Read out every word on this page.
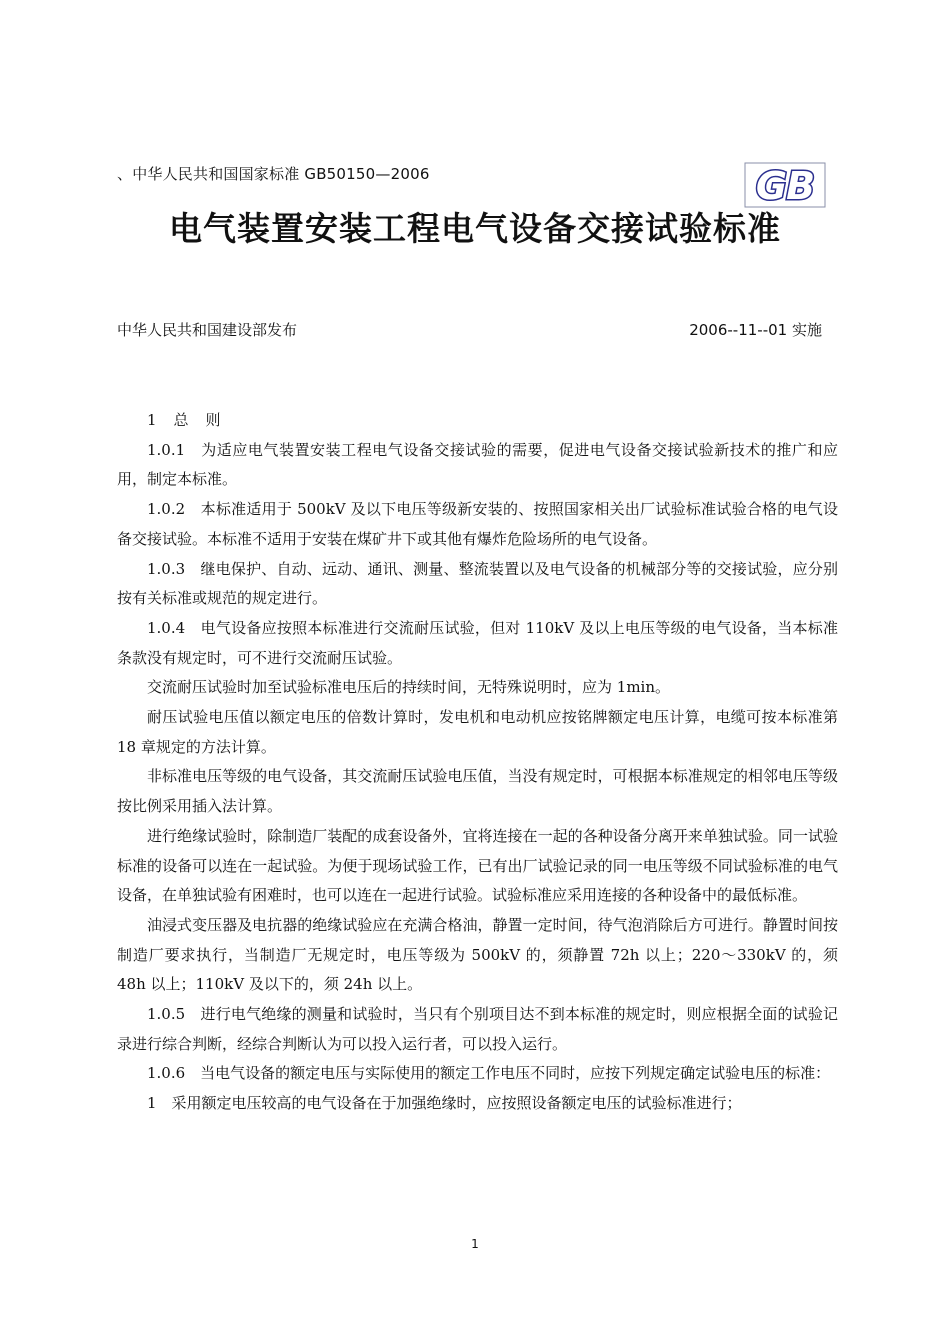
、中华人民共和国国家标准 GB50150—2006	GB
电气装置安装工程电气设备交接试验标准
中华人民共和国建设部发布	2006--11--01 实施

1　总　则

1.0.1　为适应电气装置安装工程电气设备交接试验的需要，促进电气设备交接试验新技术的推广和应用，制定本标准。

1.0.2　本标准适用于 500kV 及以下电压等级新安装的、按照国家相关出厂试验标准试验合格的电气设备交接试验。本标准不适用于安装在煤矿井下或其他有爆炸危险场所的电气设备。

1.0.3　继电保护、自动、远动、通讯、测量、整流装置以及电气设备的机械部分等的交接试验，应分别按有关标准或规范的规定进行。

1.0.4　电气设备应按照本标准进行交流耐压试验，但对 110kV 及以上电压等级的电气设备，当本标准条款没有规定时，可不进行交流耐压试验。

交流耐压试验时加至试验标准电压后的持续时间，无特殊说明时，应为 1min。

耐压试验电压值以额定电压的倍数计算时，发电机和电动机应按铭牌额定电压计算，电缆可按本标准第 18 章规定的方法计算。

非标准电压等级的电气设备，其交流耐压试验电压值，当没有规定时，可根据本标准规定的相邻电压等级按比例采用插入法计算。

进行绝缘试验时，除制造厂装配的成套设备外，宜将连接在一起的各种设备分离开来单独试验。同一试验标准的设备可以连在一起试验。为便于现场试验工作，已有出厂试验记录的同一电压等级不同试验标准的电气设备，在单独试验有困难时，也可以连在一起进行试验。试验标准应采用连接的各种设备中的最低标准。

油浸式变压器及电抗器的绝缘试验应在充满合格油，静置一定时间，待气泡消除后方可进行。静置时间按制造厂要求执行，当制造厂无规定时，电压等级为 500kV 的，须静置 72h 以上；220～330kV 的，须 48h 以上；110kV 及以下的，须 24h 以上。

1.0.5　进行电气绝缘的测量和试验时，当只有个别项目达不到本标准的规定时，则应根据全面的试验记录进行综合判断，经综合判断认为可以投入运行者，可以投入运行。

1.0.6　当电气设备的额定电压与实际使用的额定工作电压不同时，应按下列规定确定试验电压的标准：

1　采用额定电压较高的电气设备在于加强绝缘时，应按照设备额定电压的试验标准进行；

1
